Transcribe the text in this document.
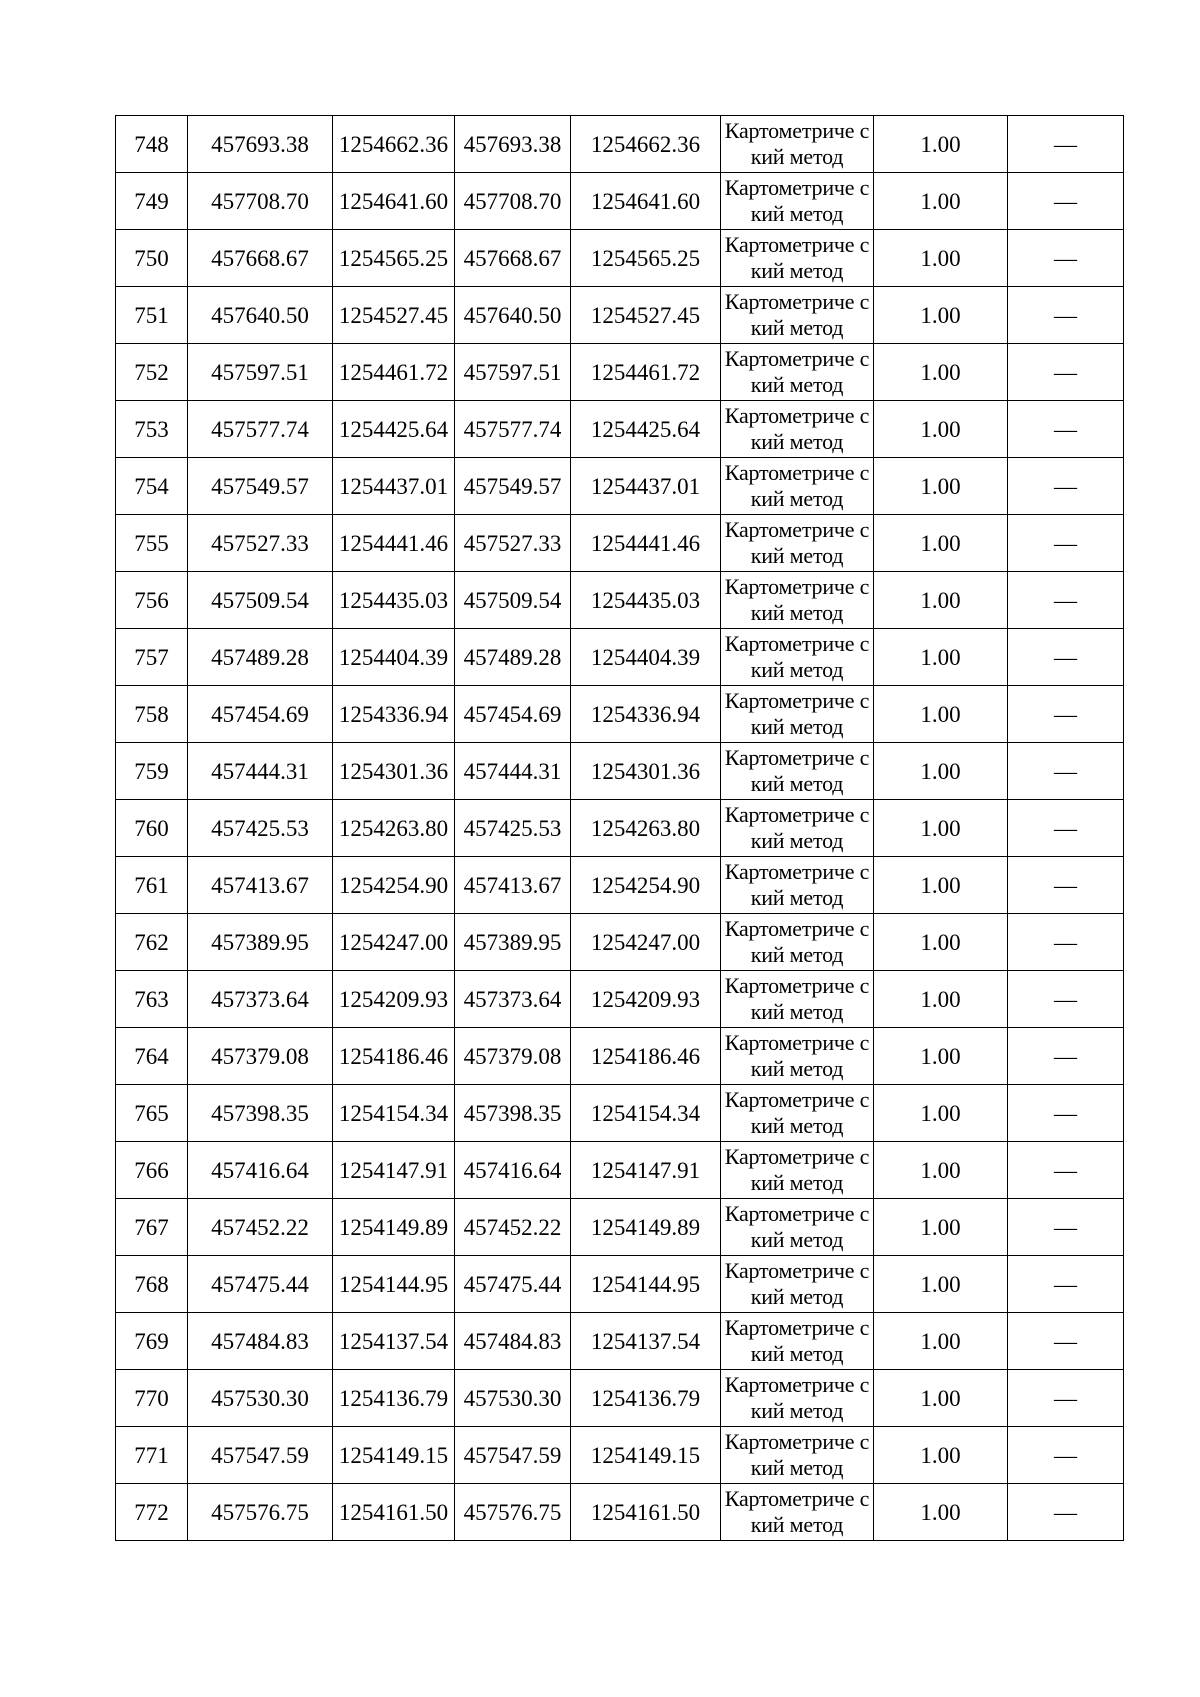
748	457693.38	1254662.36	457693.38	1254662.36	Картометриче ский метод	1.00	—
749	457708.70	1254641.60	457708.70	1254641.60	Картометриче ский метод	1.00	—
750	457668.67	1254565.25	457668.67	1254565.25	Картометриче ский метод	1.00	—
751	457640.50	1254527.45	457640.50	1254527.45	Картометриче ский метод	1.00	—
752	457597.51	1254461.72	457597.51	1254461.72	Картометриче ский метод	1.00	—
753	457577.74	1254425.64	457577.74	1254425.64	Картометриче ский метод	1.00	—
754	457549.57	1254437.01	457549.57	1254437.01	Картометриче ский метод	1.00	—
755	457527.33	1254441.46	457527.33	1254441.46	Картометриче ский метод	1.00	—
756	457509.54	1254435.03	457509.54	1254435.03	Картометриче ский метод	1.00	—
757	457489.28	1254404.39	457489.28	1254404.39	Картометриче ский метод	1.00	—
758	457454.69	1254336.94	457454.69	1254336.94	Картометриче ский метод	1.00	—
759	457444.31	1254301.36	457444.31	1254301.36	Картометриче ский метод	1.00	—
760	457425.53	1254263.80	457425.53	1254263.80	Картометриче ский метод	1.00	—
761	457413.67	1254254.90	457413.67	1254254.90	Картометриче ский метод	1.00	—
762	457389.95	1254247.00	457389.95	1254247.00	Картометриче ский метод	1.00	—
763	457373.64	1254209.93	457373.64	1254209.93	Картометриче ский метод	1.00	—
764	457379.08	1254186.46	457379.08	1254186.46	Картометриче ский метод	1.00	—
765	457398.35	1254154.34	457398.35	1254154.34	Картометриче ский метод	1.00	—
766	457416.64	1254147.91	457416.64	1254147.91	Картометриче ский метод	1.00	—
767	457452.22	1254149.89	457452.22	1254149.89	Картометриче ский метод	1.00	—
768	457475.44	1254144.95	457475.44	1254144.95	Картометриче ский метод	1.00	—
769	457484.83	1254137.54	457484.83	1254137.54	Картометриче ский метод	1.00	—
770	457530.30	1254136.79	457530.30	1254136.79	Картометриче ский метод	1.00	—
771	457547.59	1254149.15	457547.59	1254149.15	Картометриче ский метод	1.00	—
772	457576.75	1254161.50	457576.75	1254161.50	Картометриче ский метод	1.00	—
